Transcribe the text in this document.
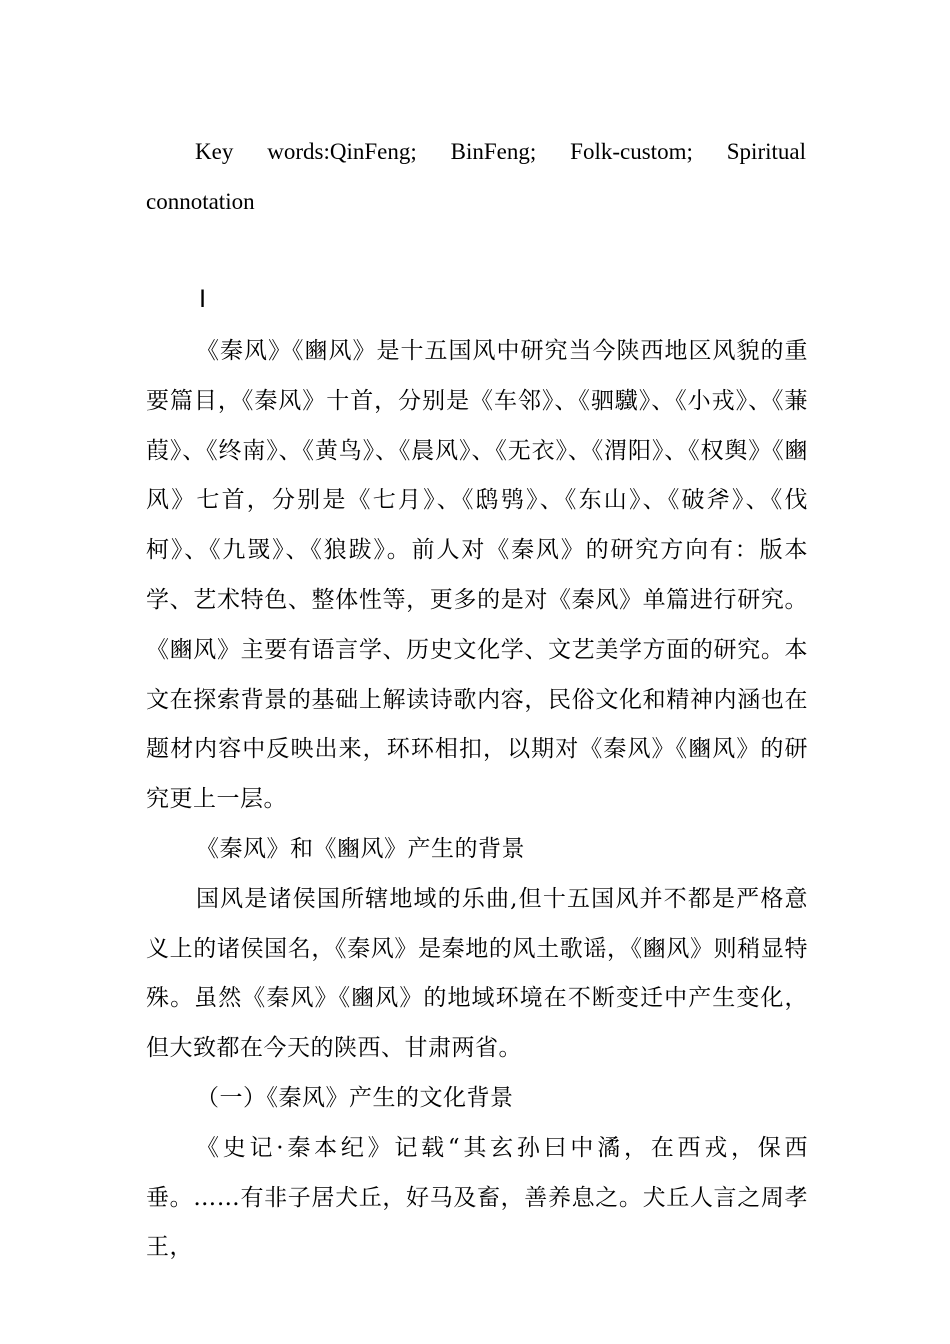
Key words:QinFeng; BinFeng; Folk-custom; Spiritual connotation
Ⅰ

《秦风》《豳风》是十五国风中研究当今陕西地区风貌的重要篇目，《秦风》十首，分别是《车邻》、《驷驖》、《小戎》、《蒹葭》、《终南》、《黄鸟》、《晨风》、《无衣》、《渭阳》、《权舆》《豳风》七首，分别是《七月》、《鸱鸮》、《东山》、《破斧》、《伐柯》、《九罭》、《狼跋》。前人对《秦风》的研究方向有：版本学、艺术特色、整体性等，更多的是对《秦风》单篇进行研究。《豳风》主要有语言学、历史文化学、文艺美学方面的研究。本文在探索背景的基础上解读诗歌内容，民俗文化和精神内涵也在题材内容中反映出来，环环相扣，以期对《秦风》《豳风》的研究更上一层。

《秦风》和《豳风》产生的背景

国风是诸侯国所辖地域的乐曲,但十五国风并不都是严格意义上的诸侯国名，《秦风》是秦地的风土歌谣，《豳风》则稍显特殊。虽然《秦风》《豳风》的地域环境在不断变迁中产生变化，但大致都在今天的陕西、甘肃两省。

（一）《秦风》产生的文化背景

《史记·秦本纪》记载“其玄孙曰中潏，在西戎，保西垂。……有非子居犬丘，好马及畜，善养息之。犬丘人言之周孝王，
